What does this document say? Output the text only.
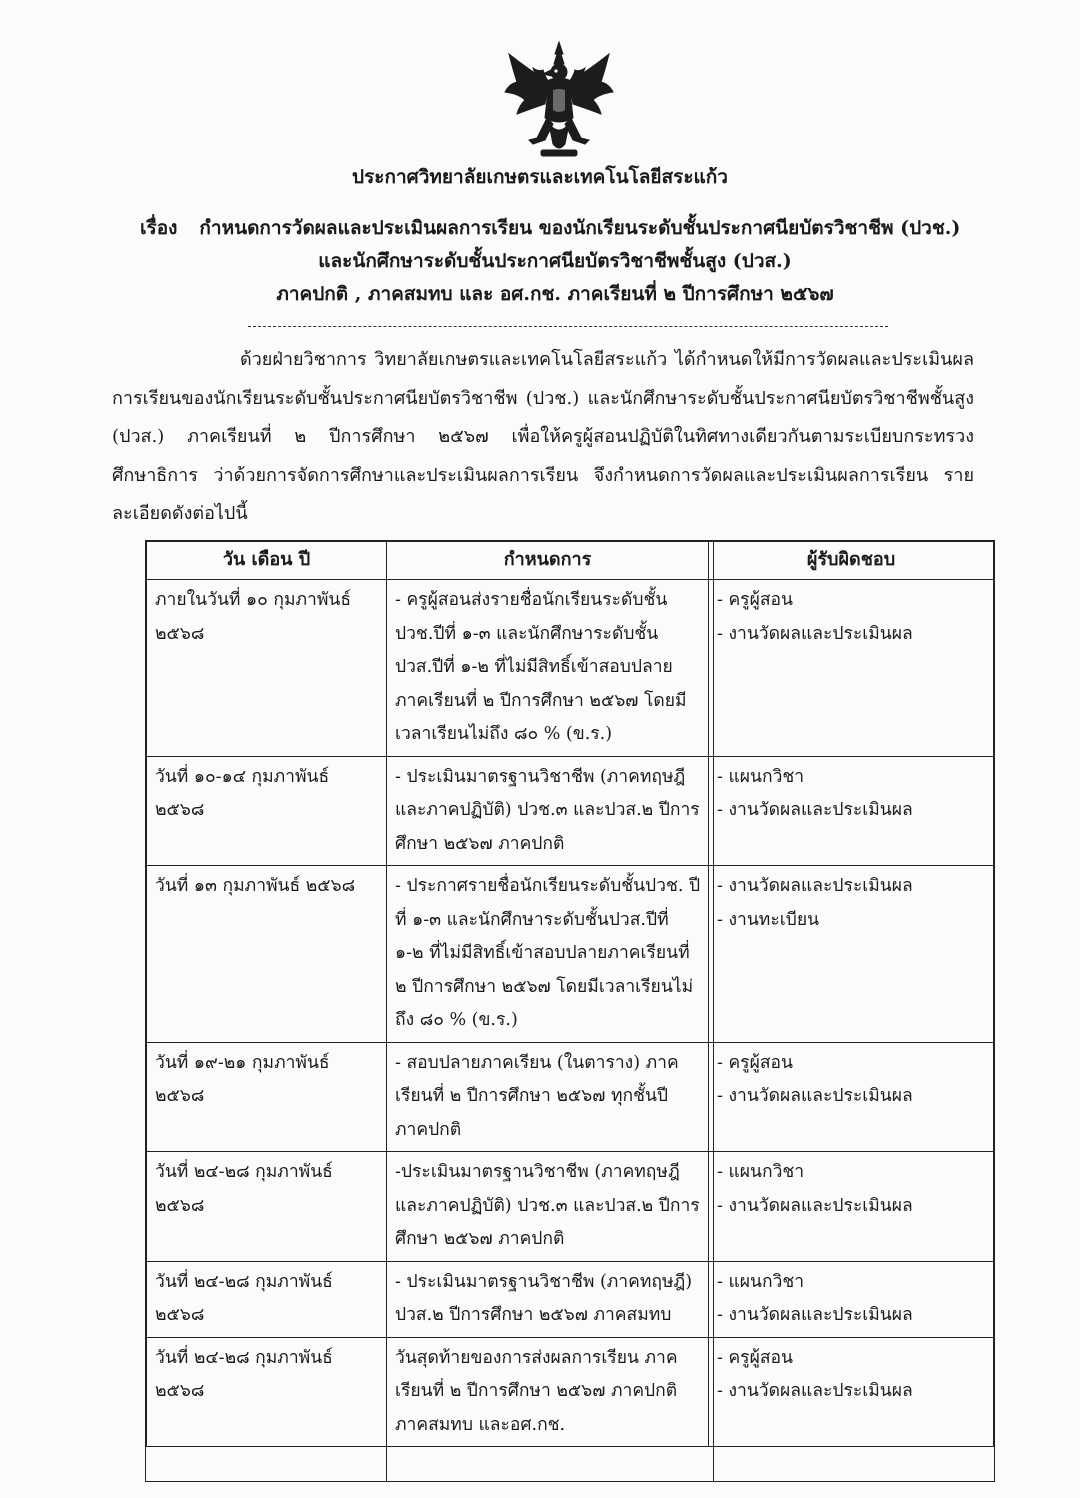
ประกาศวิทยาลัยเกษตรและเทคโนโลยีสระแก้ว
เรื่อง กำหนดการวัดผลและประเมินผลการเรียน ของนักเรียนระดับชั้นประกาศนียบัตรวิชาชีพ (ปวช.)
และนักศึกษาระดับชั้นประกาศนียบัตรวิชาชีพชั้นสูง (ปวส.)
ภาคปกติ , ภาคสมทบ และ อศ.กช. ภาคเรียนที่ ๒ ปีการศึกษา ๒๕๖๗
ด้วยฝ่ายวิชาการ วิทยาลัยเกษตรและเทคโนโลยีสระแก้ว ได้กำหนดให้มีการวัดผลและประเมินผลการเรียนของนักเรียนระดับชั้นประกาศนียบัตรวิชาชีพ (ปวช.) และนักศึกษาระดับชั้นประกาศนียบัตรวิชาชีพชั้นสูง (ปวส.) ภาคเรียนที่ ๒ ปีการศึกษา ๒๕๖๗ เพื่อให้ครูผู้สอนปฏิบัติในทิศทางเดียวกันตามระเบียบกระทรวงศึกษาธิการ ว่าด้วยการจัดการศึกษาและประเมินผลการเรียน จึงกำหนดการวัดผลและประเมินผลการเรียน รายละเอียดดังต่อไปนี้
วัน เดือน ปี	กำหนดการ	ผู้รับผิดชอบ
ภายในวันที่ ๑๐ กุมภาพันธ์ ๒๕๖๘	- ครูผู้สอนส่งรายชื่อนักเรียนระดับชั้นปวช.ปีที่ ๑-๓ และนักศึกษาระดับชั้นปวส.ปีที่ ๑-๒ ที่ไม่มีสิทธิ์เข้าสอบปลายภาคเรียนที่ ๒ ปีการศึกษา ๒๕๖๗ โดยมีเวลาเรียนไม่ถึง ๘๐ % (ข.ร.)	- ครูผู้สอน
- งานวัดผลและประเมินผล

วันที่ ๑๐-๑๔ กุมภาพันธ์ ๒๕๖๘	- ประเมินมาตรฐานวิชาชีพ (ภาคทฤษฎีและภาคปฏิบัติ) ปวช.๓ และปวส.๒ ปีการศึกษา ๒๕๖๗ ภาคปกติ	- แผนกวิชา
- งานวัดผลและประเมินผล

วันที่ ๑๓ กุมภาพันธ์ ๒๕๖๘	- ประกาศรายชื่อนักเรียนระดับชั้นปวช. ปีที่ ๑-๓ และนักศึกษาระดับชั้นปวส.ปีที่ ๑-๒ ที่ไม่มีสิทธิ์เข้าสอบปลายภาคเรียนที่ ๒ ปีการศึกษา ๒๕๖๗ โดยมีเวลาเรียนไม่ถึง ๘๐ % (ข.ร.)	- งานวัดผลและประเมินผล
- งานทะเบียน

วันที่ ๑๙-๒๑ กุมภาพันธ์ ๒๕๖๘	- สอบปลายภาคเรียน (ในตาราง) ภาคเรียนที่ ๒ ปีการศึกษา ๒๕๖๗ ทุกชั้นปี ภาคปกติ	- ครูผู้สอน
- งานวัดผลและประเมินผล

วันที่ ๒๔-๒๘ กุมภาพันธ์ ๒๕๖๘	-ประเมินมาตรฐานวิชาชีพ (ภาคทฤษฎีและภาคปฏิบัติ) ปวช.๓ และปวส.๒ ปีการศึกษา ๒๕๖๗ ภาคปกติ	- แผนกวิชา
- งานวัดผลและประเมินผล

วันที่ ๒๔-๒๘ กุมภาพันธ์ ๒๕๖๘	- ประเมินมาตรฐานวิชาชีพ (ภาคทฤษฎี) ปวส.๒ ปีการศึกษา ๒๕๖๗ ภาคสมทบ	- แผนกวิชา
- งานวัดผลและประเมินผล

วันที่ ๒๔-๒๘ กุมภาพันธ์ ๒๕๖๘	วันสุดท้ายของการส่งผลการเรียน ภาคเรียนที่ ๒ ปีการศึกษา ๒๕๖๗ ภาคปกติ ภาคสมทบ และอศ.กช.	- ครูผู้สอน
- งานวัดผลและประเมินผล
